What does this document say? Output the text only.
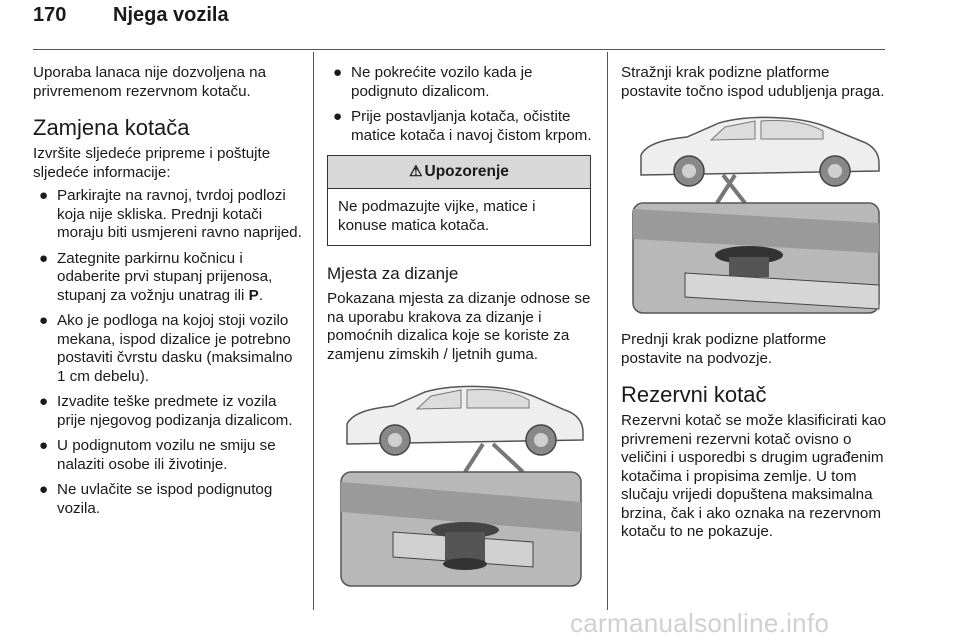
170 Njega vozila

Uporaba lanaca nije dozvoljena na privremenom rezervnom kotaču.

Zamjena kotača

Izvršite sljedeće pripreme i poštujte sljedeće informacije:

● Parkirajte na ravnoj, tvrdoj podlozi koja nije skliska. Prednji kotači moraju biti usmjereni ravno naprijed.
● Zategnite parkirnu kočnicu i odaberite prvi stupanj prijenosa, stupanj za vožnju unatrag ili P.
● Ako je podloga na kojoj stoji vozilo mekana, ispod dizalice je potrebno postaviti čvrstu dasku (maksimalno 1 cm debelu).
● Izvadite teške predmete iz vozila prije njegovog podizanja dizalicom.
● U podignutom vozilu ne smiju se nalaziti osobe ili životinje.
● Ne uvlačite se ispod podignutog vozila.
● Ne pokrećite vozilo kada je podignuto dizalicom.
● Prije postavljanja kotača, očistite matice kotača i navoj čistom krpom.
⚠ Upozorenje
Ne podmazujte vijke, matice i konuse matica kotača.

Mjesta za dizanje

Pokazana mjesta za dizanje odnose se na uporabu krakova za dizanje i pomoćnih dizalica koje se koriste za zamjenu zimskih / ljetnih guma.

Stražnji krak podizne platforme postavite točno ispod udubljenja praga.

Prednji krak podizne platforme postavite na podvozje.

Rezervni kotač

Rezervni kotač se može klasificirati kao privremeni rezervni kotač ovisno o veličini i usporedbi s drugim ugrađenim kotačima i propisima zemlje. U tom slučaju vrijedi dopuštena maksimalna brzina, čak i ako oznaka na rezervnom kotaču to ne pokazuje.

carmanualsonline.info
